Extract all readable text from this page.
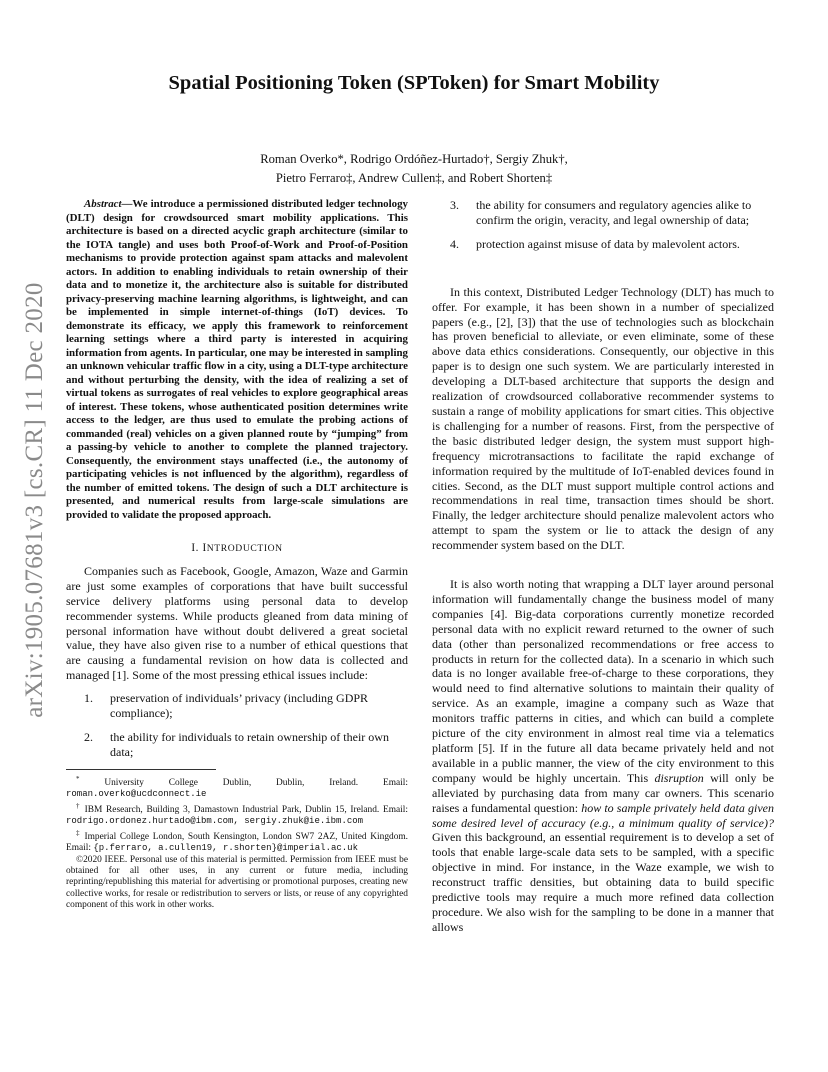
arXiv:1905.07681v3 [cs.CR] 11 Dec 2020
Spatial Positioning Token (SPToken) for Smart Mobility
Roman Overko*, Rodrigo Ordóñez-Hurtado†, Sergiy Zhuk†,
Pietro Ferraro‡, Andrew Cullen‡, and Robert Shorten‡

Abstract—We introduce a permissioned distributed ledger technology (DLT) design for crowdsourced smart mobility applications. This architecture is based on a directed acyclic graph architecture (similar to the IOTA tangle) and uses both Proof-of-Work and Proof-of-Position mechanisms to provide protection against spam attacks and malevolent actors. In addition to enabling individuals to retain ownership of their data and to monetize it, the architecture also is suitable for distributed privacy-preserving machine learning algorithms, is lightweight, and can be implemented in simple internet-of-things (IoT) devices. To demonstrate its efficacy, we apply this framework to reinforcement learning settings where a third party is interested in acquiring information from agents. In particular, one may be interested in sampling an unknown vehicular traffic flow in a city, using a DLT-type architecture and without perturbing the density, with the idea of realizing a set of virtual tokens as surrogates of real vehicles to explore geographical areas of interest. These tokens, whose authenticated position determines write access to the ledger, are thus used to emulate the probing actions of commanded (real) vehicles on a given planned route by “jumping” from a passing-by vehicle to another to complete the planned trajectory. Consequently, the environment stays unaffected (i.e., the autonomy of participating vehicles is not influenced by the algorithm), regardless of the number of emitted tokens. The design of such a DLT architecture is presented, and numerical results from large-scale simulations are provided to validate the proposed approach.

I. INTRODUCTION

Companies such as Facebook, Google, Amazon, Waze and Garmin are just some examples of corporations that have built successful service delivery platforms using personal data to develop recommender systems. While products gleaned from data mining of personal information have without doubt delivered a great societal value, they have also given rise to a number of ethical questions that are causing a fundamental revision on how data is collected and managed [1]. Some of the most pressing ethical issues include:

1. preservation of individuals’ privacy (including GDPR compliance);
2. the ability for individuals to retain ownership of their own data;
* University College Dublin, Dublin, Ireland. Email: roman.overko@ucdconnect.ie
† IBM Research, Building 3, Damastown Industrial Park, Dublin 15, Ireland. Email: rodrigo.ordonez.hurtado@ibm.com, sergiy.zhuk@ie.ibm.com
‡ Imperial College London, South Kensington, London SW7 2AZ, United Kingdom. Email: {p.ferraro, a.cullen19, r.shorten}@imperial.ac.uk
©2020 IEEE. Personal use of this material is permitted. Permission from IEEE must be obtained for all other uses, in any current or future media, including reprinting/republishing this material for advertising or promotional purposes, creating new collective works, for resale or redistribution to servers or lists, or reuse of any copyrighted component of this work in other works.
3. the ability for consumers and regulatory agencies alike to confirm the origin, veracity, and legal ownership of data;
4. protection against misuse of data by malevolent actors.

In this context, Distributed Ledger Technology (DLT) has much to offer. For example, it has been shown in a number of specialized papers (e.g., [2], [3]) that the use of technologies such as blockchain has proven beneficial to alleviate, or even eliminate, some of these above data ethics considerations. Consequently, our objective in this paper is to design one such system. We are particularly interested in developing a DLT-based architecture that supports the design and realization of crowdsourced collaborative recommender systems to sustain a range of mobility applications for smart cities. This objective is challenging for a number of reasons. First, from the perspective of the basic distributed ledger design, the system must support high-frequency microtransactions to facilitate the rapid exchange of information required by the multitude of IoT-enabled devices found in cities. Second, as the DLT must support multiple control actions and recommendations in real time, transaction times should be short. Finally, the ledger architecture should penalize malevolent actors who attempt to spam the system or lie to attack the design of any recommender system based on the DLT.

It is also worth noting that wrapping a DLT layer around personal information will fundamentally change the business model of many companies [4]. Big-data corporations currently monetize recorded personal data with no explicit reward returned to the owner of such data (other than personalized recommendations or free access to products in return for the collected data). In a scenario in which such data is no longer available free-of-charge to these corporations, they would need to find alternative solutions to maintain their quality of service. As an example, imagine a company such as Waze that monitors traffic patterns in cities, and which can build a complete picture of the city environment in almost real time via a telematics platform [5]. If in the future all data became privately held and not available in a public manner, the view of the city environment to this company would be highly uncertain. This disruption will only be alleviated by purchasing data from many car owners. This scenario raises a fundamental question: how to sample privately held data given some desired level of accuracy (e.g., a minimum quality of service)? Given this background, an essential requirement is to develop a set of tools that enable large-scale data sets to be sampled, with a specific objective in mind. For instance, in the Waze example, we wish to reconstruct traffic densities, but obtaining data to build specific predictive tools may require a much more refined data collection procedure. We also wish for the sampling to be done in a manner that allows
